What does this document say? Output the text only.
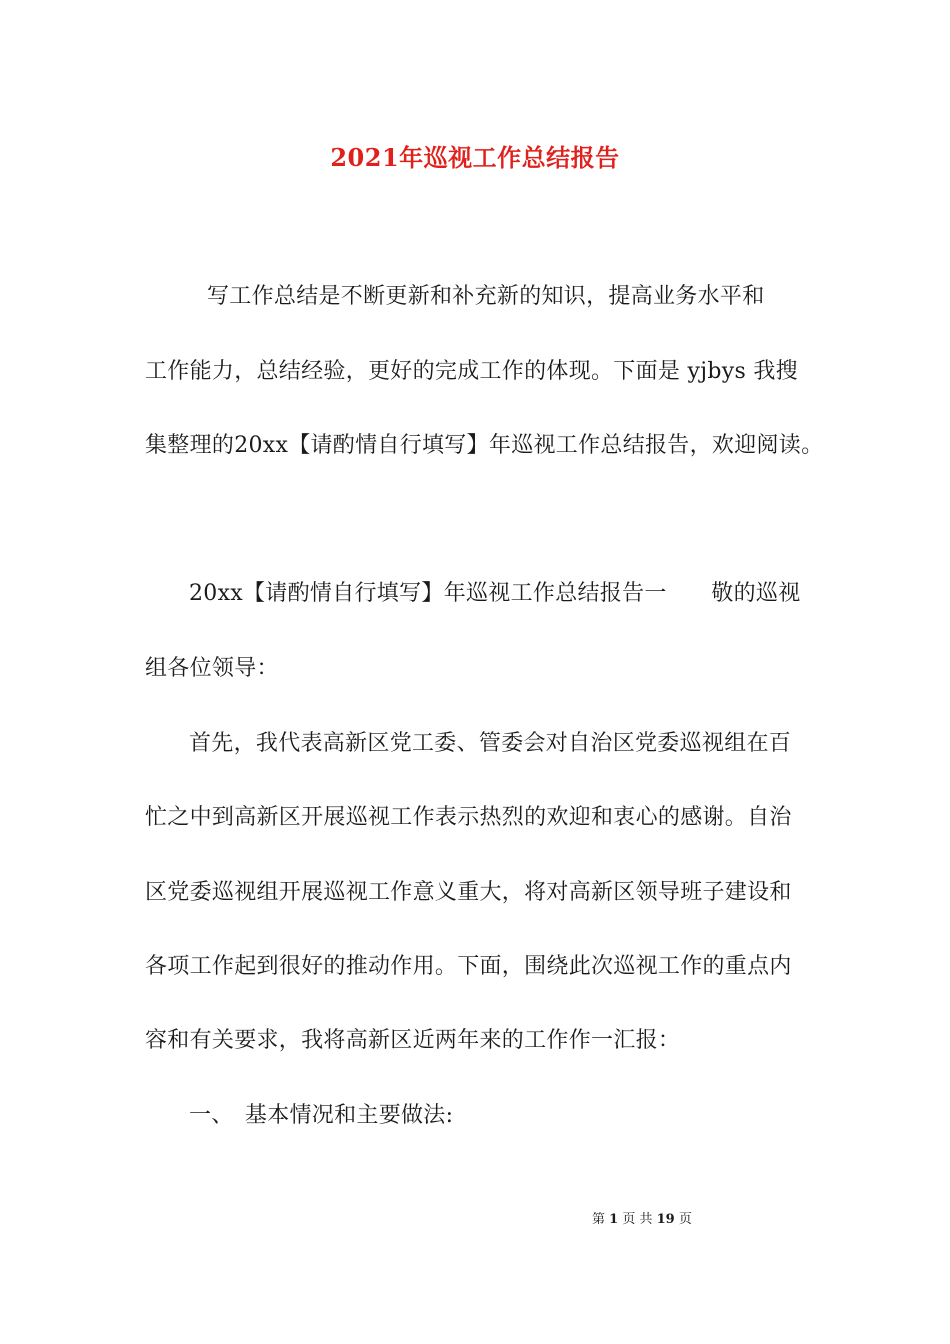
2021年巡视工作总结报告
写工作总结是不断更新和补充新的知识，提高业务水平和
工作能力，总结经验，更好的完成工作的体现。下面是 yjbys 我搜
集整理的20xx【请酌情自行填写】年巡视工作总结报告，欢迎阅读。
20xx【请酌情自行填写】年巡视工作总结报告一　　敬的巡视
组各位领导：
首先，我代表高新区党工委、管委会对自治区党委巡视组在百
忙之中到高新区开展巡视工作表示热烈的欢迎和衷心的感谢。自治
区党委巡视组开展巡视工作意义重大，将对高新区领导班子建设和
各项工作起到很好的推动作用。下面，围绕此次巡视工作的重点内
容和有关要求，我将高新区近两年来的工作作一汇报：
一、　基本情况和主要做法:
第 1 页 共 19 页
